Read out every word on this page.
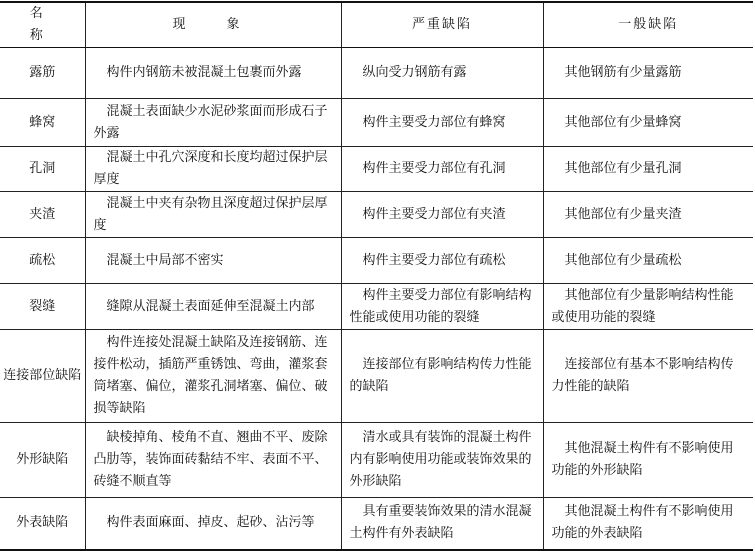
名　称	现　象	严重缺陷	一般缺陷
露筋	构件内钢筋未被混凝土包裹而外露	纵向受力钢筋有露	其他钢筋有少量露筋
蜂窝	混凝土表面缺少水泥砂浆面而形成石子外露	构件主要受力部位有蜂窝	其他部位有少量蜂窝
孔洞	混凝土中孔穴深度和长度均超过保护层厚度	构件主要受力部位有孔洞	其他部位有少量孔洞
夹渣	混凝土中夹有杂物且深度超过保护层厚度	构件主要受力部位有夹渣	其他部位有少量夹渣
疏松	混凝土中局部不密实	构件主要受力部位有疏松	其他部位有少量疏松
裂缝	缝隙从混凝土表面延伸至混凝土内部	构件主要受力部位有影响结构性能或使用功能的裂缝	其他部位有少量影响结构性能或使用功能的裂缝
连接部位缺陷	构件连接处混凝土缺陷及连接钢筋、连接件松动，插筋严重锈蚀、弯曲，灌浆套筒堵塞、偏位，灌浆孔洞堵塞、偏位、破损等缺陷	连接部位有影响结构传力性能的缺陷	连接部位有基本不影响结构传力性能的缺陷
外形缺陷	缺棱掉角、棱角不直、翘曲不平、废除凸肋等，装饰面砖黏结不牢、表面不平、砖缝不顺直等	清水或具有装饰的混凝土构件内有影响使用功能或装饰效果的外形缺陷	其他混凝土构件有不影响使用功能的外形缺陷
外表缺陷	构件表面麻面、掉皮、起砂、沾污等	具有重要装饰效果的清水混凝土构件有外表缺陷	其他混凝土构件有不影响使用功能的外表缺陷
